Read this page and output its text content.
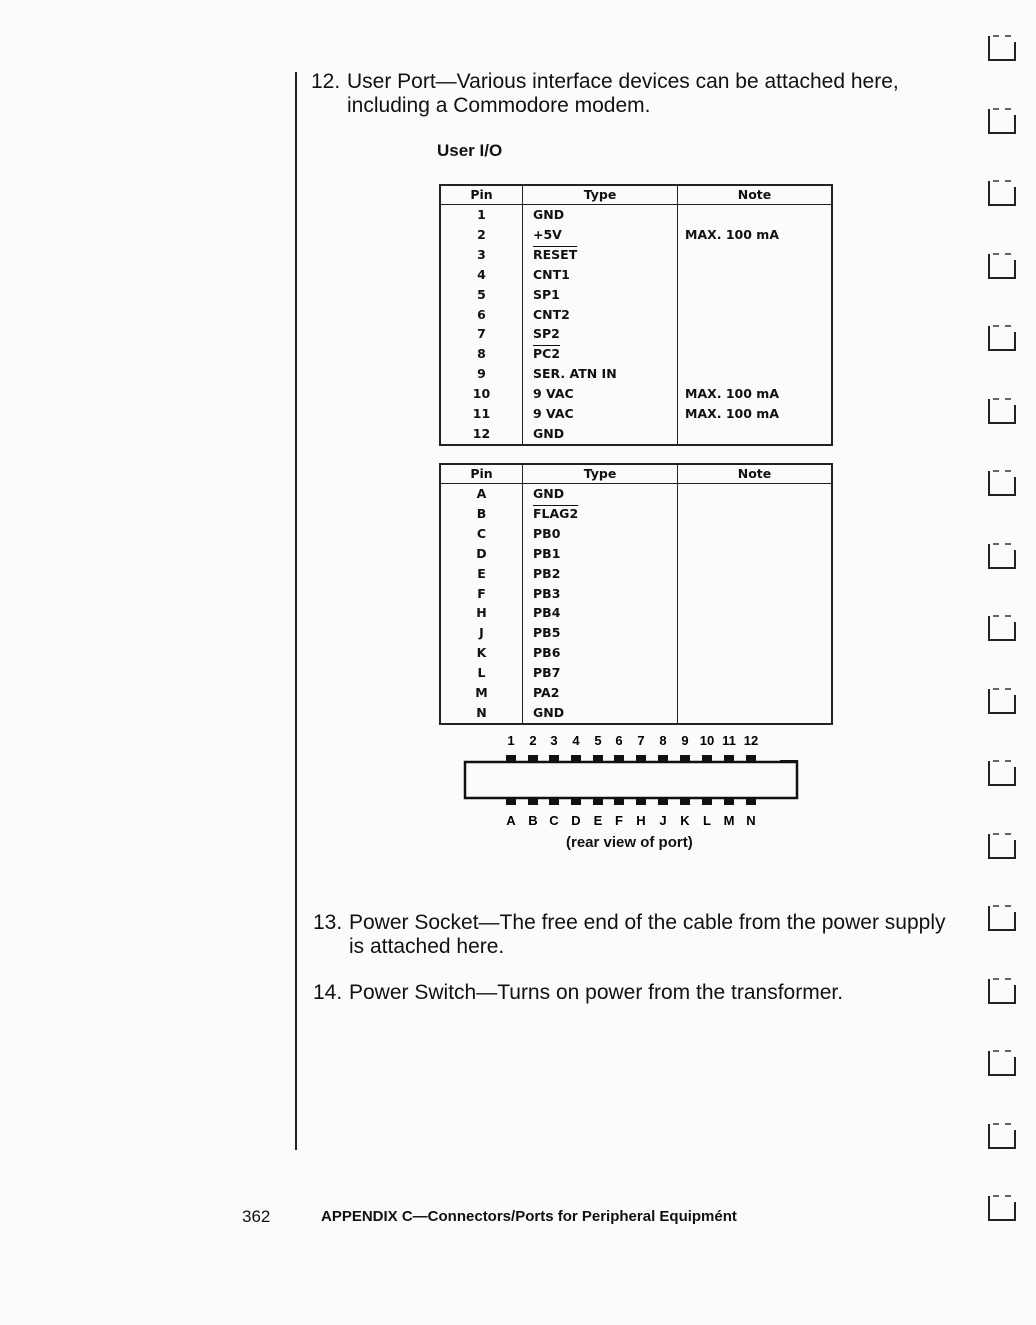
12. User Port—Various interface devices can be attached here,
including a Commodore modem.
User I/O
Pin	Type	Note
1	GND	
2	+5V	MAX. 100 mA
3	RESET	
4	CNT1	
5	SP1	
6	CNT2	
7	SP2	
8	PC2	
9	SER. ATN IN	
10	9 VAC	MAX. 100 mA
11	9 VAC	MAX. 100 mA
12	GND	
Pin	Type	Note
A	GND	
B	FLAG2	
C	PB0	
D	PB1	
E	PB2	
F	PB3	
H	PB4	
J	PB5	
K	PB6	
L	PB7	
M	PA2	
N	GND	
1 2 3 4 5 6 7 8 9 10 11 12
A B C D E F H J K L M N
(rear view of port)
13. Power Socket—The free end of the cable from the power supply
is attached here.
14. Power Switch—Turns on power from the transformer.
362	APPENDIX C—Connectors/Ports for Peripheral Equipmént
